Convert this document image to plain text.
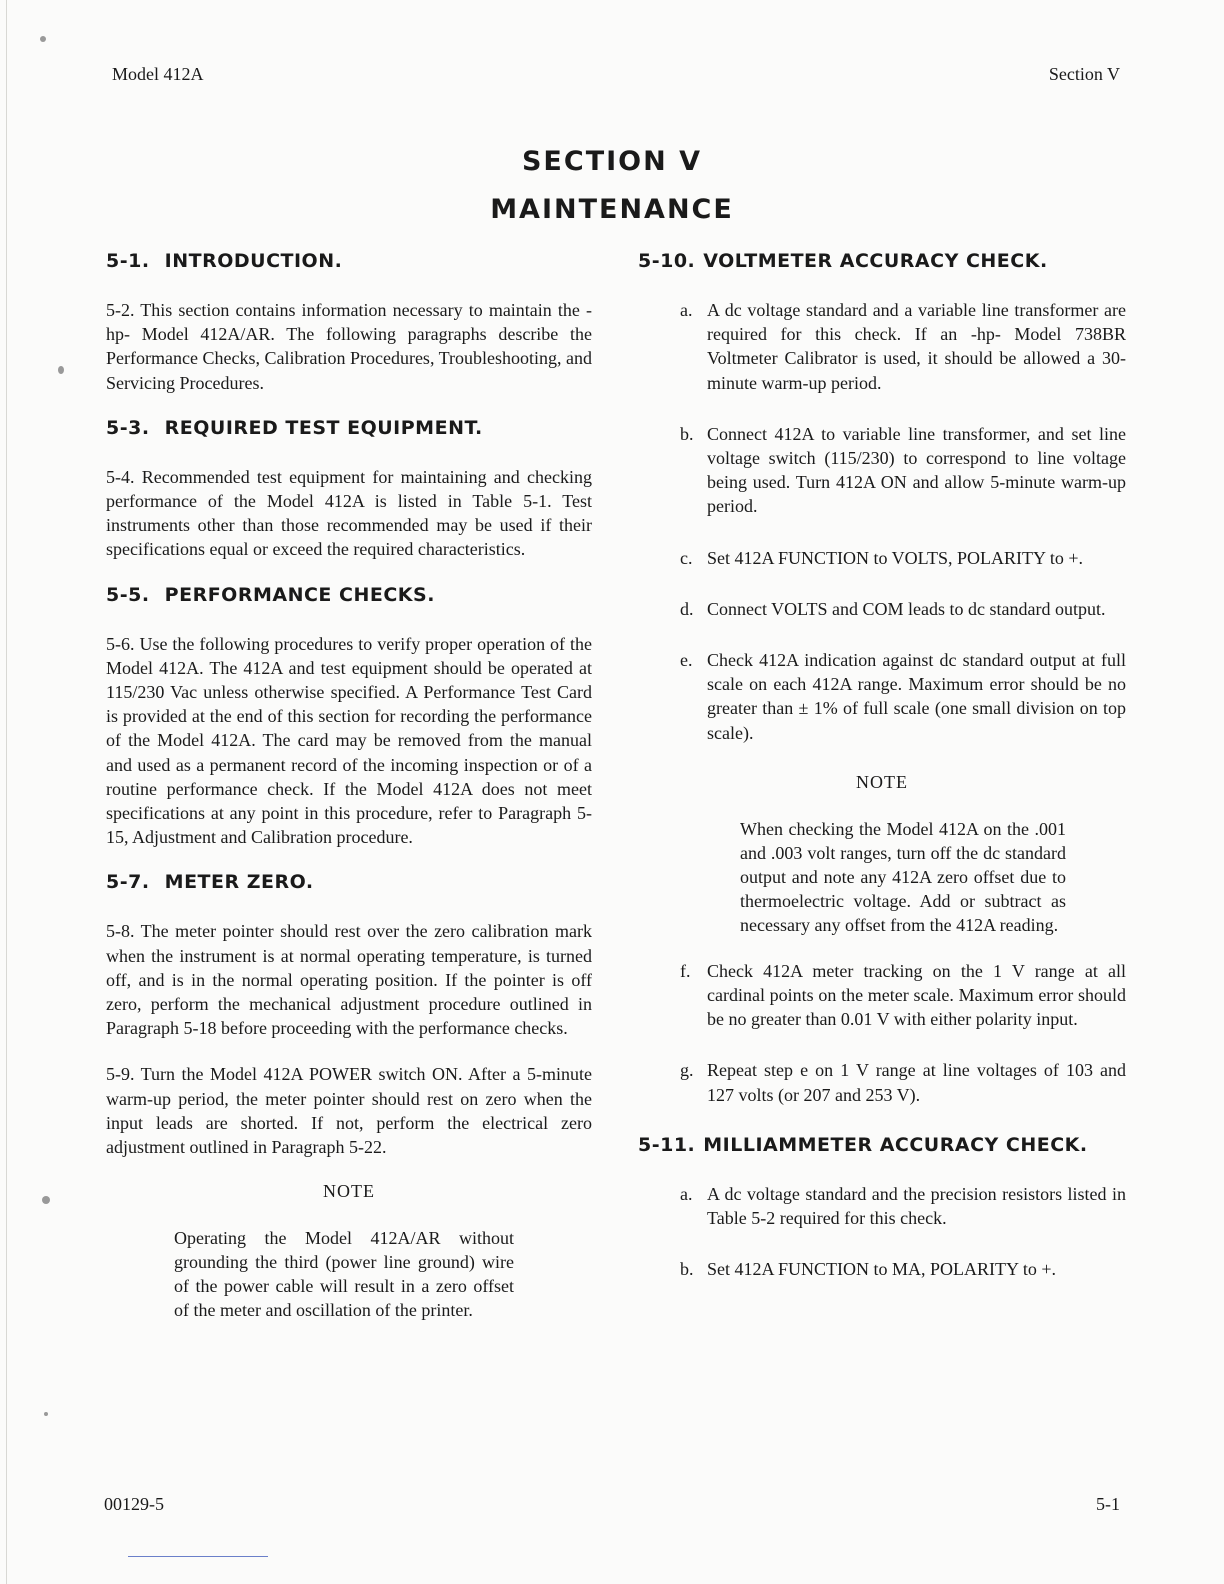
Model 412A	Section V
SECTION V
MAINTENANCE
5-1. INTRODUCTION.

5-2. This section contains information necessary to maintain the -hp- Model 412A/AR. The following paragraphs describe the Performance Checks, Calibration Procedures, Troubleshooting, and Servicing Procedures.

5-3. REQUIRED TEST EQUIPMENT.

5-4. Recommended test equipment for maintaining and checking performance of the Model 412A is listed in Table 5-1. Test instruments other than those recommended may be used if their specifications equal or exceed the required characteristics.

5-5. PERFORMANCE CHECKS.

5-6. Use the following procedures to verify proper operation of the Model 412A. The 412A and test equipment should be operated at 115/230 Vac unless otherwise specified. A Performance Test Card is provided at the end of this section for recording the performance of the Model 412A. The card may be removed from the manual and used as a permanent record of the incoming inspection or of a routine performance check. If the Model 412A does not meet specifications at any point in this procedure, refer to Paragraph 5-15, Adjustment and Calibration procedure.

5-7. METER ZERO.

5-8. The meter pointer should rest over the zero calibration mark when the instrument is at normal operating temperature, is turned off, and is in the normal operating position. If the pointer is off zero, perform the mechanical adjustment procedure outlined in Paragraph 5-18 before proceeding with the performance checks.

5-9. Turn the Model 412A POWER switch ON. After a 5-minute warm-up period, the meter pointer should rest on zero when the input leads are shorted. If not, perform the electrical zero adjustment outlined in Paragraph 5-22.

NOTE
Operating the Model 412A/AR without grounding the third (power line ground) wire of the power cable will result in a zero offset of the meter and oscillation of the printer.
5-10. VOLTMETER ACCURACY CHECK.
a. A dc voltage standard and a variable line transformer are required for this check. If an -hp- Model 738BR Voltmeter Calibrator is used, it should be allowed a 30-minute warm-up period.
b. Connect 412A to variable line transformer, and set line voltage switch (115/230) to correspond to line voltage being used. Turn 412A ON and allow 5-minute warm-up period.
c. Set 412A FUNCTION to VOLTS, POLARITY to +.
d. Connect VOLTS and COM leads to dc standard output.
e. Check 412A indication against dc standard output at full scale on each 412A range. Maximum error should be no greater than ± 1% of full scale (one small division on top scale).
NOTE
When checking the Model 412A on the .001 and .003 volt ranges, turn off the dc standard output and note any 412A zero offset due to thermoelectric voltage. Add or subtract as necessary any offset from the 412A reading.
f. Check 412A meter tracking on the 1 V range at all cardinal points on the meter scale. Maximum error should be no greater than 0.01 V with either polarity input.
g. Repeat step e on 1 V range at line voltages of 103 and 127 volts (or 207 and 253 V).
5-11. MILLIAMMETER ACCURACY CHECK.
a. A dc voltage standard and the precision resistors listed in Table 5-2 required for this check.
b. Set 412A FUNCTION to MA, POLARITY to +.
00129-5	5-1
